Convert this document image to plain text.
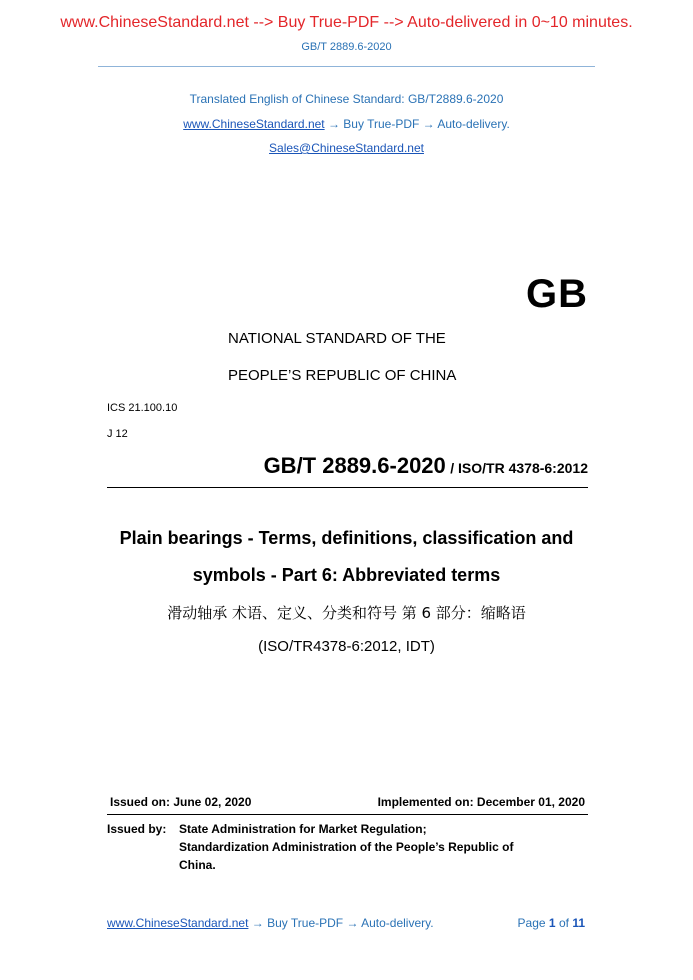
www.ChineseStandard.net --> Buy True-PDF --> Auto-delivered in 0~10 minutes.
GB/T 2889.6-2020
Translated English of Chinese Standard: GB/T2889.6-2020
www.ChineseStandard.net → Buy True-PDF → Auto-delivery.
Sales@ChineseStandard.net
GB
NATIONAL STANDARD OF THE
PEOPLE’S REPUBLIC OF CHINA
ICS 21.100.10
J 12
GB/T 2889.6-2020 / ISO/TR 4378-6:2012
Plain bearings - Terms, definitions, classification and
symbols - Part 6: Abbreviated terms
滑动轴承 术语、定义、分类和符号 第 6 部分：缩略语
(ISO/TR4378-6:2012, IDT)
Issued on: June 02, 2020	Implemented on: December 01, 2020
Issued by: State Administration for Market Regulation;
Standardization Administration of the People’s Republic of
China.
www.ChineseStandard.net → Buy True-PDF → Auto-delivery.	Page 1 of 11
